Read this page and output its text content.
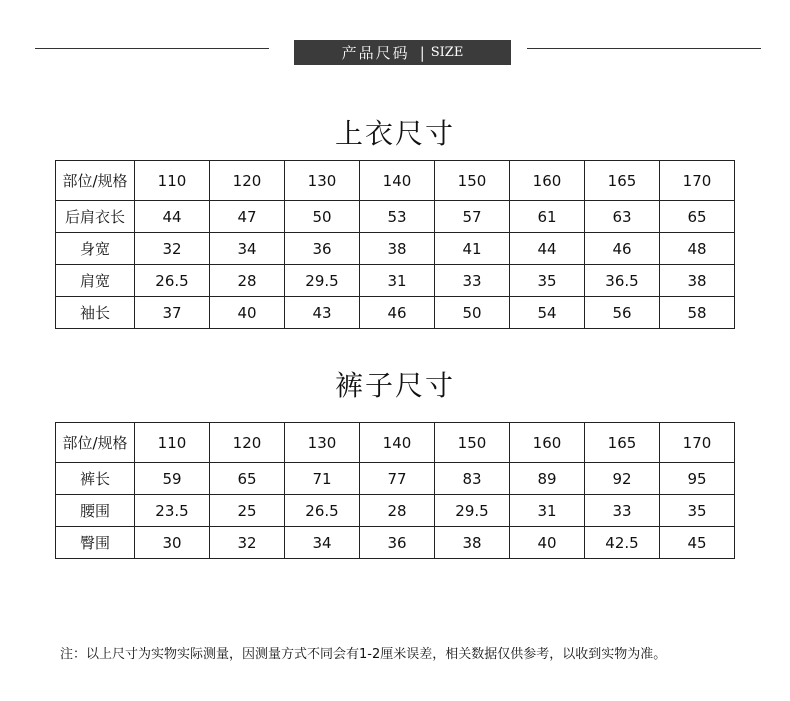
产品尺码 | SIZE
上衣尺寸
部位/规格	110	120	130	140	150	160	165	170
后肩衣长	44	47	50	53	57	61	63	65
身宽	32	34	36	38	41	44	46	48
肩宽	26.5	28	29.5	31	33	35	36.5	38
袖长	37	40	43	46	50	54	56	58
裤子尺寸
部位/规格	110	120	130	140	150	160	165	170
裤长	59	65	71	77	83	89	92	95
腰围	23.5	25	26.5	28	29.5	31	33	35
臀围	30	32	34	36	38	40	42.5	45
注：以上尺寸为实物实际测量，因测量方式不同会有1-2厘米误差，相关数据仅供参考，以收到实物为准。
